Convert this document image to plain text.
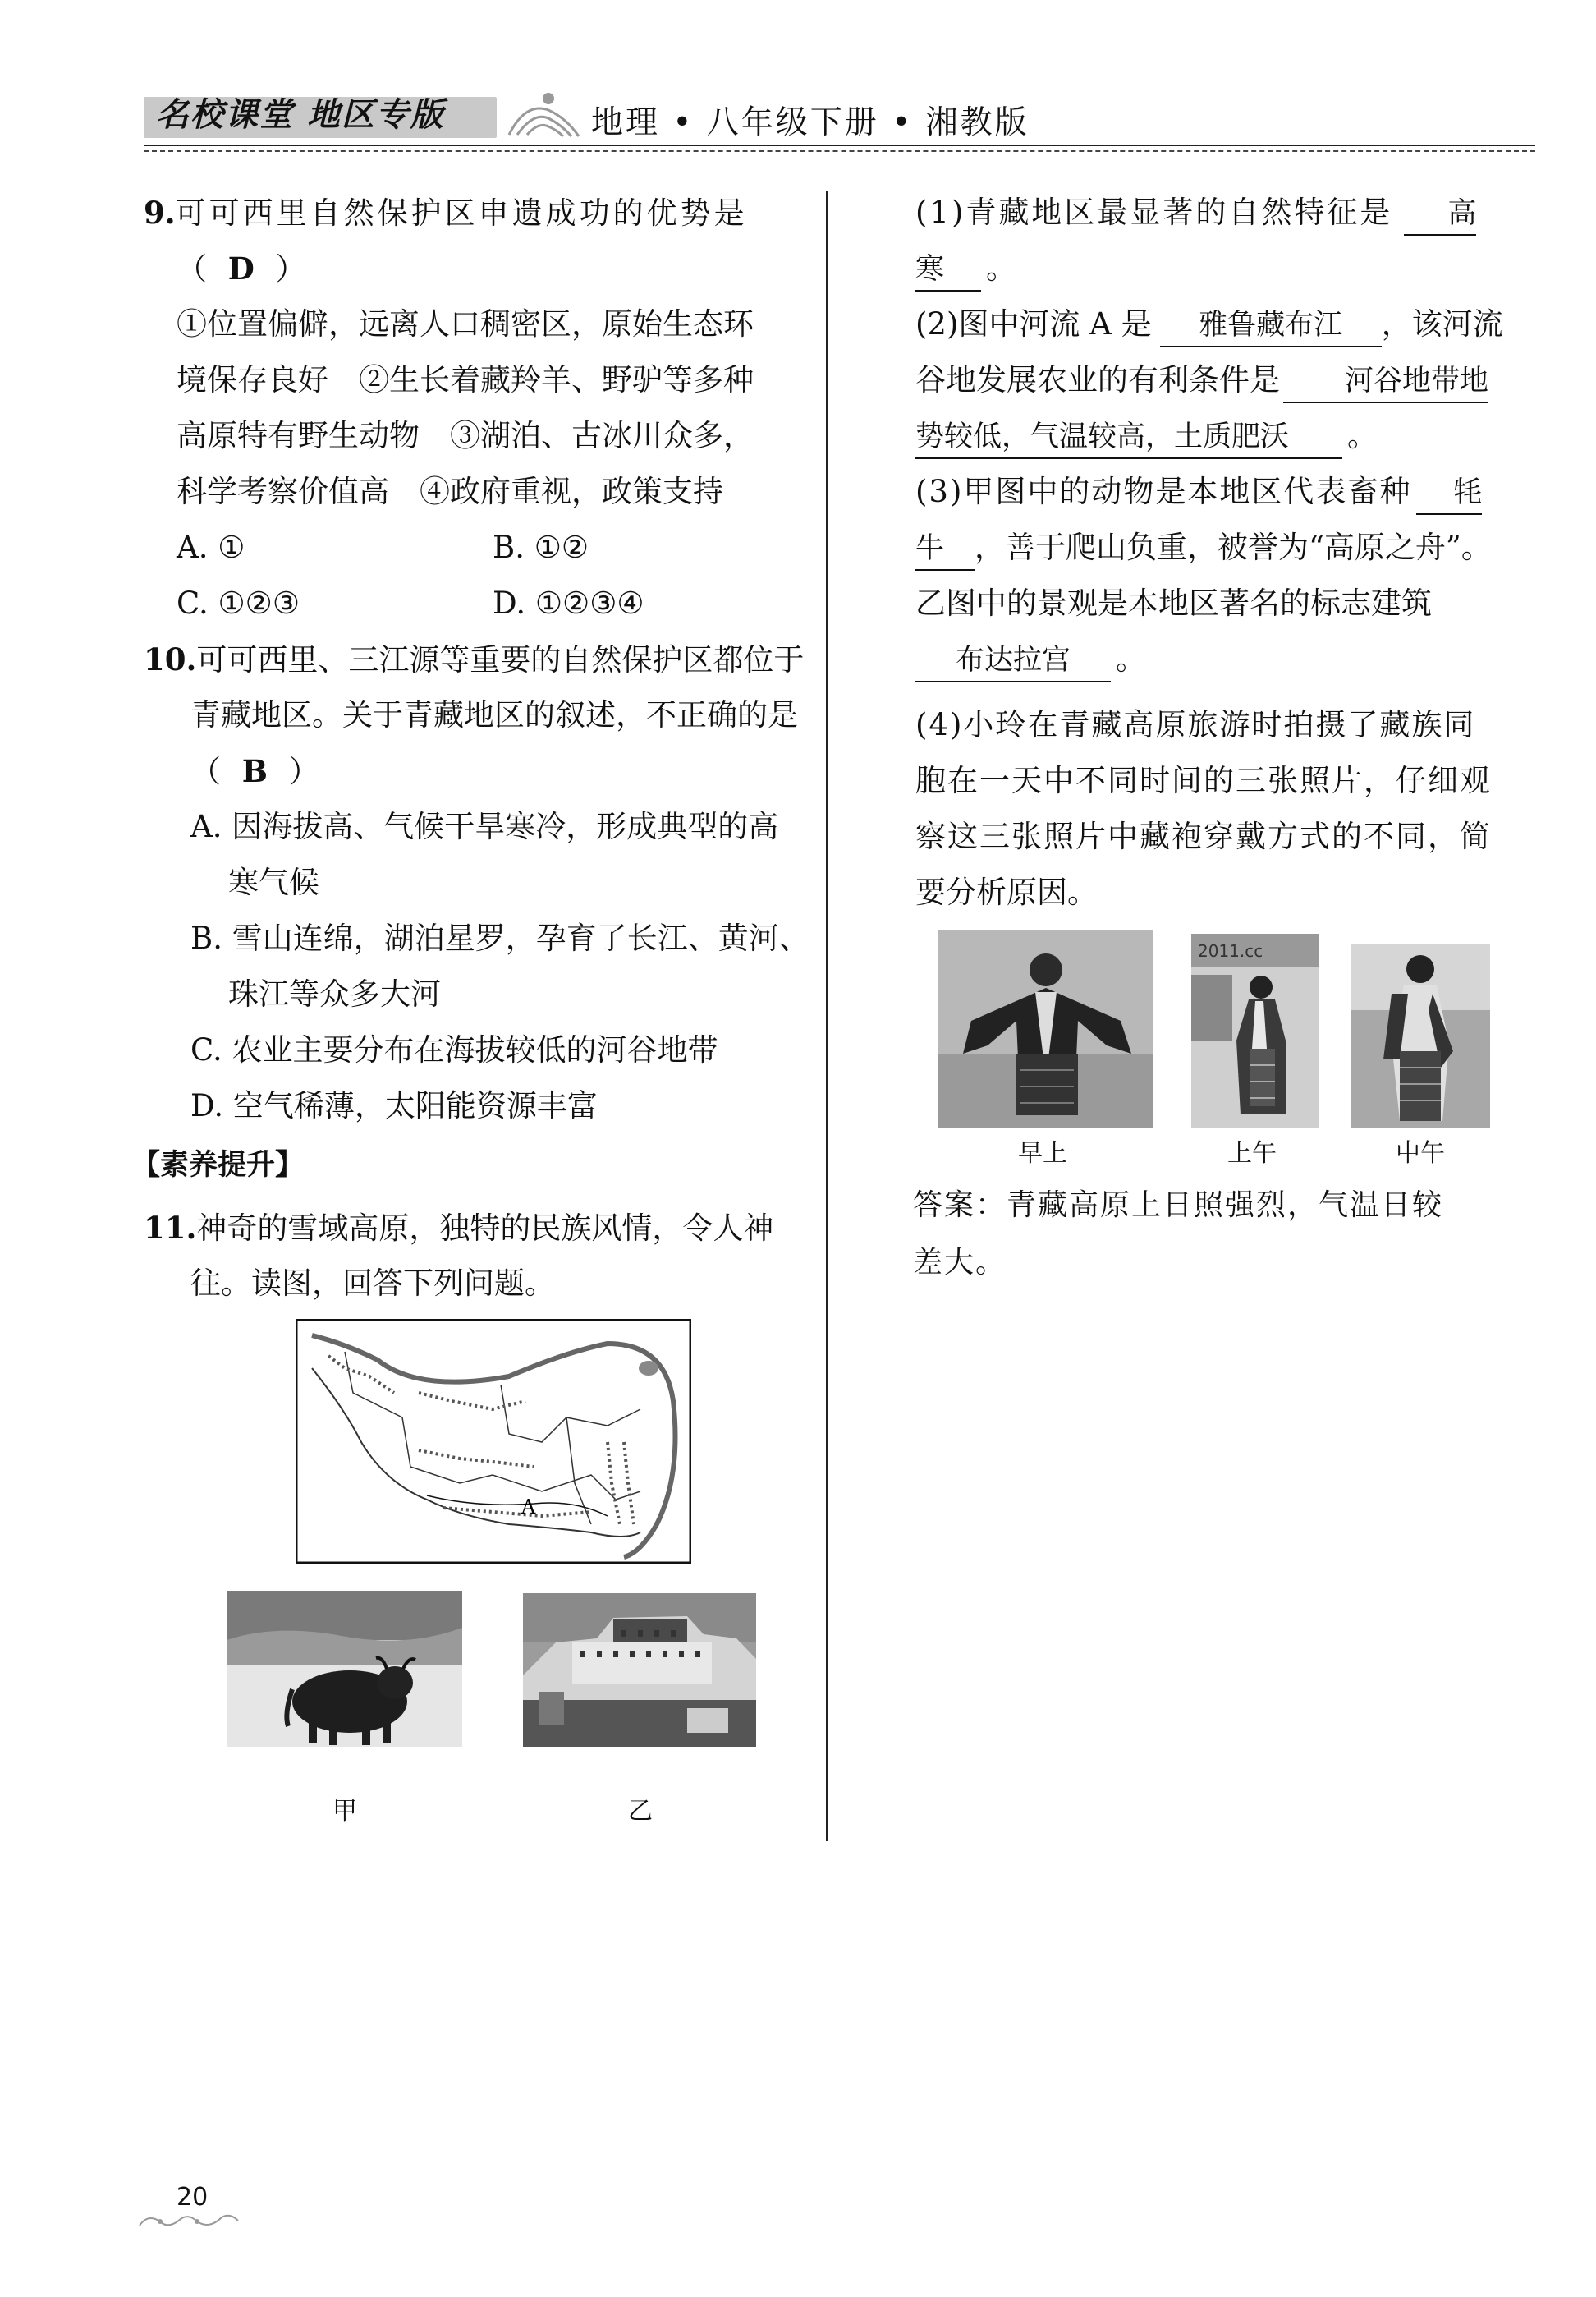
名校课堂 地区专版	地理 • 八年级下册 • 湘教版
9.可可西里自然保护区申遗成功的优势是
（ D ）
①位置偏僻，远离人口稠密区，原始生态环
境保存良好　②生长着藏羚羊、野驴等多种
高原特有野生动物　③湖泊、古冰川众多，
科学考察价值高　④政府重视，政策支持
A. ①	B. ①②
C. ①②③	D. ①②③④
10.可可西里、三江源等重要的自然保护区都位于
青藏地区。关于青藏地区的叙述，不正确的是
（ B ）
A. 因海拔高、气候干旱寒冷，形成典型的高
寒气候
B. 雪山连绵，湖泊星罗，孕育了长江、黄河、
珠江等众多大河
C. 农业主要分布在海拔较低的河谷地带
D. 空气稀薄，太阳能资源丰富
【素养提升】
11.神奇的雪域高原，独特的民族风情，令人神
往。读图，回答下列问题。
A
甲	乙
(1)青藏地区最显著的自然特征是 高
寒 。
(2)图中河流 A 是 雅鲁藏布江 ，该河流
谷地发展农业的有利条件是 河谷地带地
势较低，气温较高，土质肥沃 。
(3)甲图中的动物是本地区代表畜种 牦
牛 ，善于爬山负重，被誉为“高原之舟”。
乙图中的景观是本地区著名的标志建筑
布达拉宫 。
(4)小玲在青藏高原旅游时拍摄了藏族同
胞在一天中不同时间的三张照片，仔细观
察这三张照片中藏袍穿戴方式的不同，简
要分析原因。
早上
2011.cc
上午	中午
答案：青藏高原上日照强烈，气温日较
差大。
20
